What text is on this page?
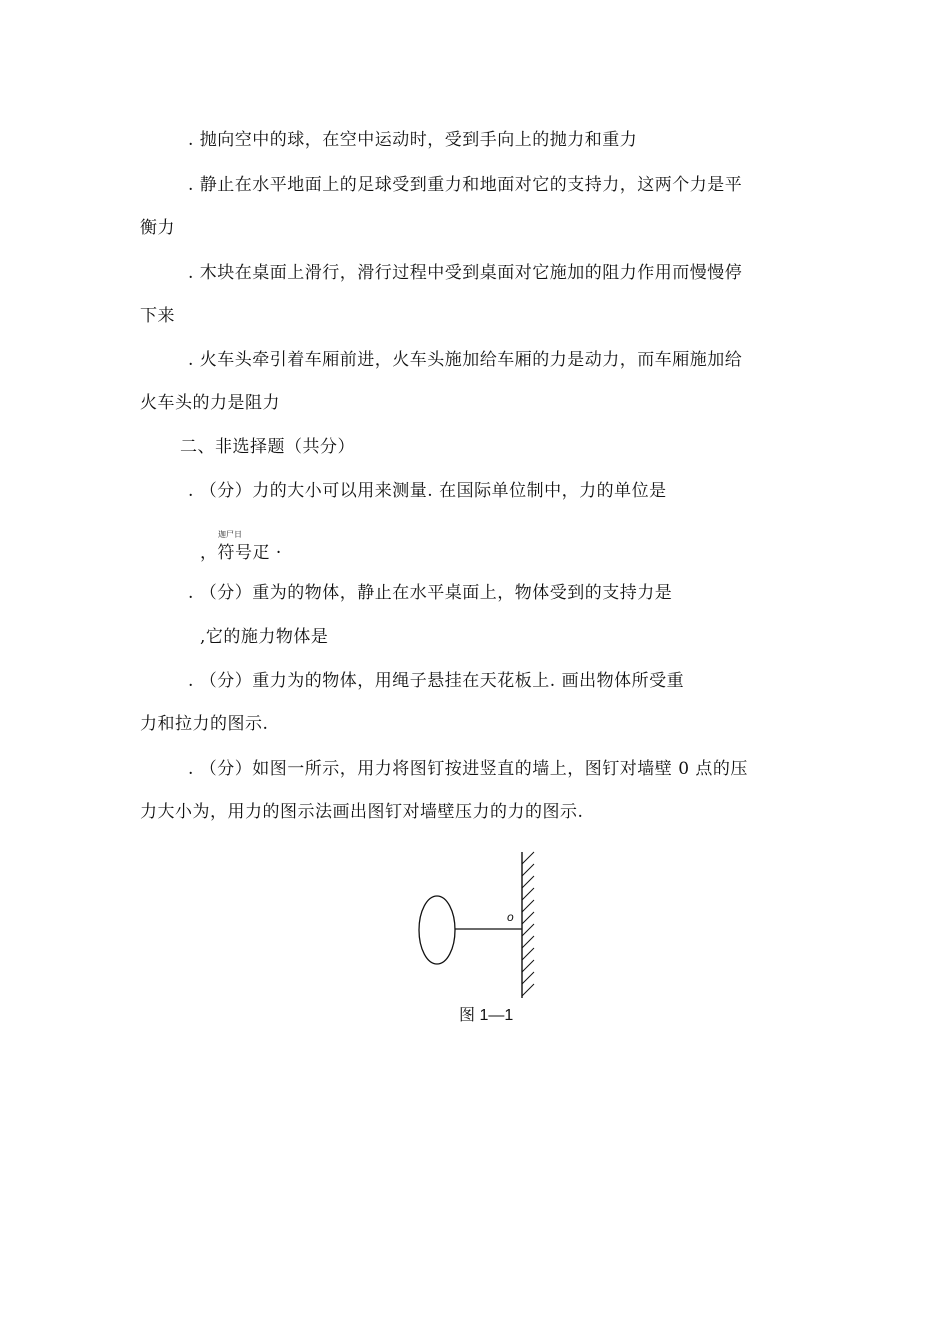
. 抛向空中的球，在空中运动时，受到手向上的抛力和重力
. 静止在水平地面上的足球受到重力和地面对它的支持力，这两个力是平
衡力
. 木块在桌面上滑行，滑行过程中受到桌面对它施加的阻力作用而慢慢停
下来
. 火车头牵引着车厢前进，火车头施加给车厢的力是动力，而车厢施加给
火车头的力是阻力
二、非选择题（共分）
. （分）力的大小可以用来测量. 在国际单位制中，力的单位是
迦尸日
，符号疋 ·
. （分）重为的物体，静止在水平桌面上，物体受到的支持力是
,它的施力物体是
. （分）重力为的物体，用绳子悬挂在天花板上. 画出物体所受重
力和拉力的图示.
. （分）如图一所示，用力将图钉按进竖直的墙上，图钉对墙壁 0 点的压
力大小为，用力的图示法画出图钉对墙壁压力的力的图示.
o
图 1—1
